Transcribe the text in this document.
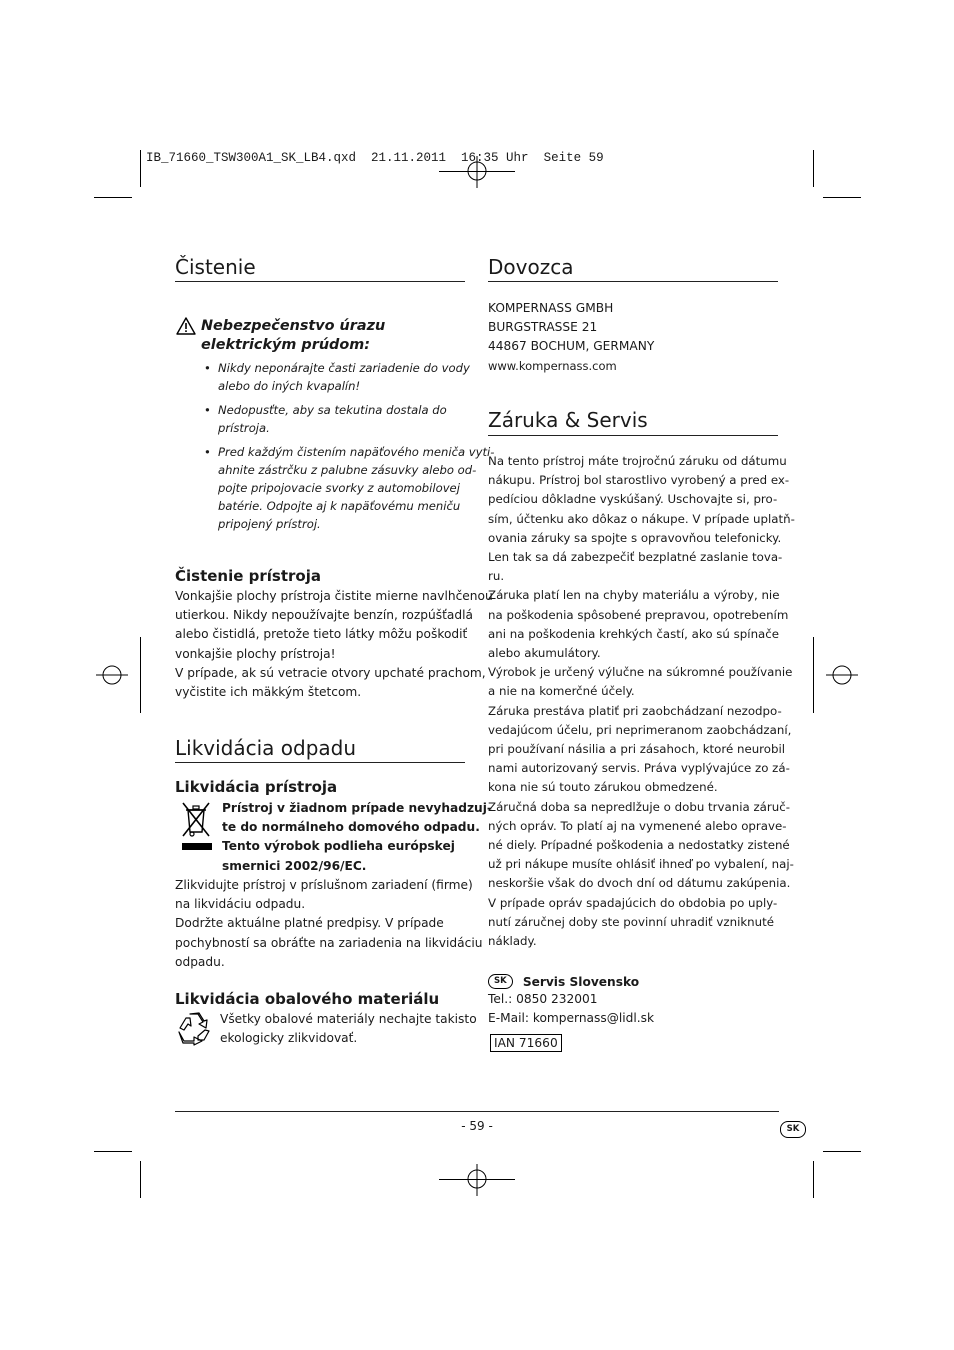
IB_71660_TSW300A1_SK_LB4.qxd  21.11.2011  16:35 Uhr  Seite 59
Čistenie
Nebezpečenstvo úrazu
elektrickým prúdom:
• Nikdy neponárajte časti zariadenie do vody
alebo do iných kvapalín!
• Nedopusťte, aby sa tekutina dostala do
prístroja.
• Pred každým čistením napäťového meniča vyti-
ahnite zástrčku z palubne zásuvky alebo od-
pojte pripojovacie svorky z automobilovej
batérie. Odpojte aj k napäťovému meniču
pripojený prístroj.
Čistenie prístroja
Vonkajšie plochy prístroja čistite mierne navlhčenou
utierkou. Nikdy nepoužívajte benzín, rozpúšťadlá
alebo čistidlá, pretože tieto látky môžu poškodiť
vonkajšie plochy prístroja!
V prípade, ak sú vetracie otvory upchaté prachom,
vyčistite ich mäkkým štetcom.
Likvidácia odpadu
Likvidácia prístroja
Prístroj v žiadnom prípade nevyhadzuj-
te do normálneho domového odpadu.
Tento výrobok podlieha európskej
smernici 2002/96/EC.
Zlikvidujte prístroj v príslušnom zariadení (firme)
na likvidáciu odpadu.
Dodržte aktuálne platné predpisy. V prípade
pochybností sa obráťte na zariadenia na likvidáciu
odpadu.
Likvidácia obalového materiálu
Všetky obalové materiály nechajte takisto
ekologicky zlikvidovať.
Dovozca
KOMPERNASS GMBH
BURGSTRASSE 21
44867 BOCHUM, GERMANY
www.kompernass.com
Záruka & Servis
Na tento prístroj máte trojročnú záruku od dátumu
nákupu. Prístroj bol starostlivo vyrobený a pred ex-
pedíciou dôkladne vyskúšaný. Uschovajte si, pro-
sím, účtenku ako dôkaz o nákupe. V prípade uplatň-
ovania záruky sa spojte s opravovňou telefonicky.
Len tak sa dá zabezpečiť bezplatné zaslanie tova-
ru.
Záruka platí len na chyby materiálu a výroby, nie
na poškodenia spôsobené prepravou, opotrebením
ani na poškodenia krehkých častí, ako sú spínače
alebo akumulátory.
Výrobok je určený výlučne na súkromné používanie
a nie na komerčné účely.
Záruka prestáva platiť pri zaobchádzaní nezodpo-
vedajúcom účelu, pri neprimeranom zaobchádzaní,
pri používaní násilia a pri zásahoch, ktoré neurobil
nami autorizovaný servis. Práva vyplývajúce zo zá-
kona nie sú touto zárukou obmedzené.
Záručná doba sa nepredlžuje o dobu trvania záruč-
ných opráv. To platí aj na vymenené alebo oprave-
né diely. Prípadné poškodenia a nedostatky zistené
už pri nákupe musíte ohlásiť ihneď po vybalení, naj-
neskoršie však do dvoch dní od dátumu zakúpenia.
V prípade opráv spadajúcich do obdobia po uply-
nutí záručnej doby ste povinní uhradiť vzniknuté
náklady.
SK Servis Slovensko
Tel.: 0850 232001
E-Mail: kompernass@lidl.sk
IAN 71660
- 59 -	SK
